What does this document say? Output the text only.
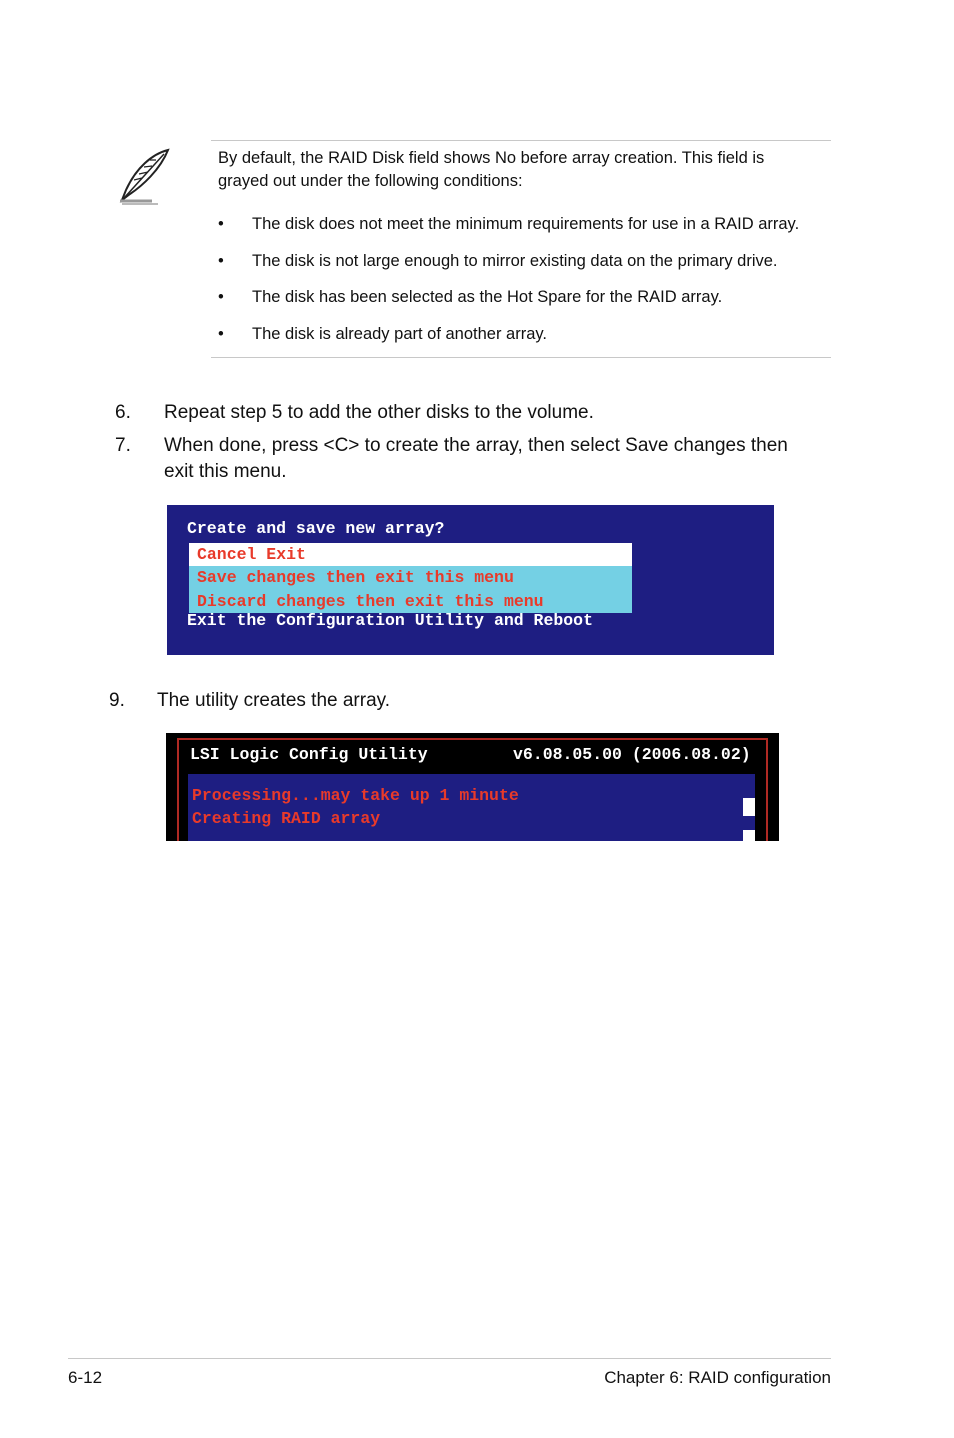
By default, the RAID Disk field shows No before array creation. This field is grayed out under the following conditions:
• The disk does not meet the minimum requirements for use in a RAID array.
• The disk is not large enough to mirror existing data on the primary drive.
• The disk has been selected as the Hot Spare for the RAID array.
• The disk is already part of another array.
6. Repeat step 5 to add the other disks to the volume.
7. When done, press <C> to create the array, then select Save changes then
exit this menu.
Create and save new array?
Cancel Exit
Save changes then exit this menu
Discard changes then exit this menu
Exit the Configuration Utility and Reboot
9. The utility creates the array.
LSI Logic Config Utility	v6.08.05.00 (2006.08.02)
Processing...may take up 1 minute
Creating RAID array
6-12	Chapter 6: RAID configuration
